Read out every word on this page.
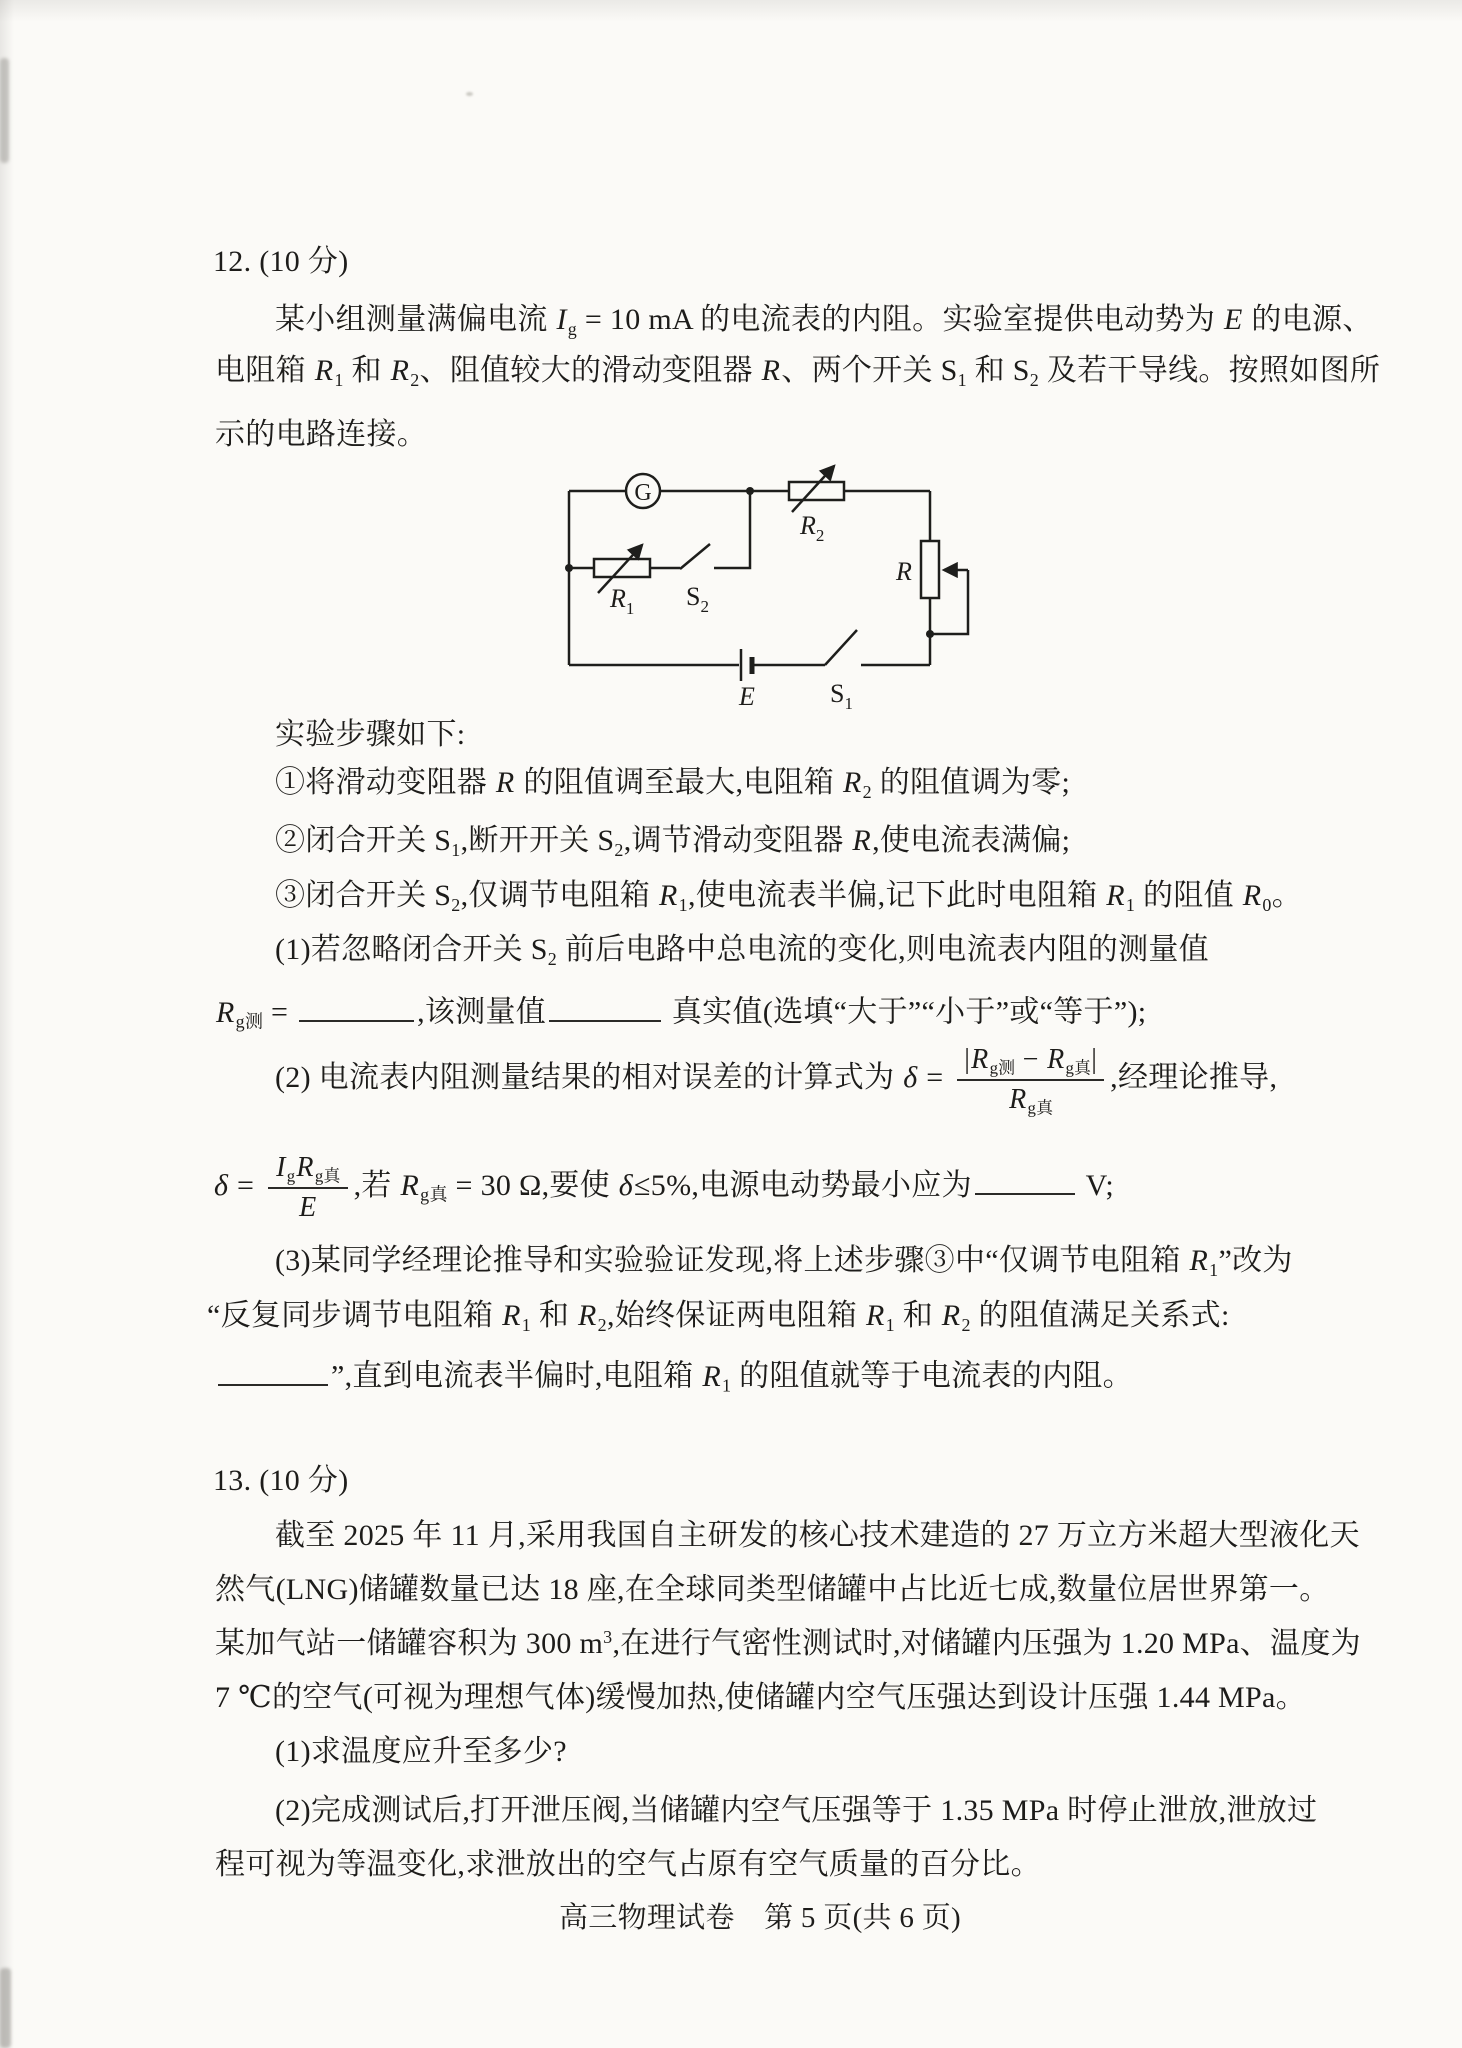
12. (10 分)
某小组测量满偏电流 $I_g = 10$ mA 的电流表的内阻。实验室提供电动势为 E 的电源、
电阻箱 $R_1$ 和 $R_2$、阻值较大的滑动变阻器 R、两个开关 $S_1$ 和 $S_2$ 及若干导线。按照如图所
示的电路连接。
G
$R_2$
R
$R_1$ $S_2$
E	$S_1$
实验步骤如下:
①将滑动变阻器 R 的阻值调至最大,电阻箱 $R_2$ 的阻值调为零;
②闭合开关 $S_1$,断开开关 $S_2$,调节滑动变阻器 R,使电流表满偏;
③闭合开关 $S_2$,仅调节电阻箱 $R_1$,使电流表半偏,记下此时电阻箱 $R_1$ 的阻值 $R_0$。
(1)若忽略闭合开关 $S_2$ 前后电路中总电流的变化,则电流表内阻的测量值
$R_{g测}$ =	,该测量值	真实值(选填“大于”“小于”或“等于”);
(2) 电流表内阻测量结果的相对误差的计算式为 $\delta = \frac{|R_{g测} - R_{g真}|}{R_{g真}}$ ,经理论推导,
$\delta = \frac{I_gR_{g真}}{E}$ ,若 $R_{g真} = 30$ Ω,要使 δ≤5%,电源电动势最小应为	V;
(3)某同学经理论推导和实验验证发现,将上述步骤③中“仅调节电阻箱 $R_1$”改为
“反复同步调节电阻箱 $R_1$ 和 $R_2$,始终保证两电阻箱 $R_1$ 和 $R_2$ 的阻值满足关系式:
”,直到电流表半偏时,电阻箱 $R_1$ 的阻值就等于电流表的内阻。
13. (10 分)
截至 2025 年 11 月,采用我国自主研发的核心技术建造的 27 万立方米超大型液化天
然气(LNG)储罐数量已达 18 座,在全球同类型储罐中占比近七成,数量位居世界第一。
某加气站一储罐容积为 300 $m^3$,在进行气密性测试时,对储罐内压强为 1.20 MPa、温度为
7 ℃的空气(可视为理想气体)缓慢加热,使储罐内空气压强达到设计压强 1.44 MPa。
(1)求温度应升至多少?
(2)完成测试后,打开泄压阀,当储罐内空气压强等于 1.35 MPa 时停止泄放,泄放过
程可视为等温变化,求泄放出的空气占原有空气质量的百分比。
高三物理试卷　第 5 页(共 6 页)
